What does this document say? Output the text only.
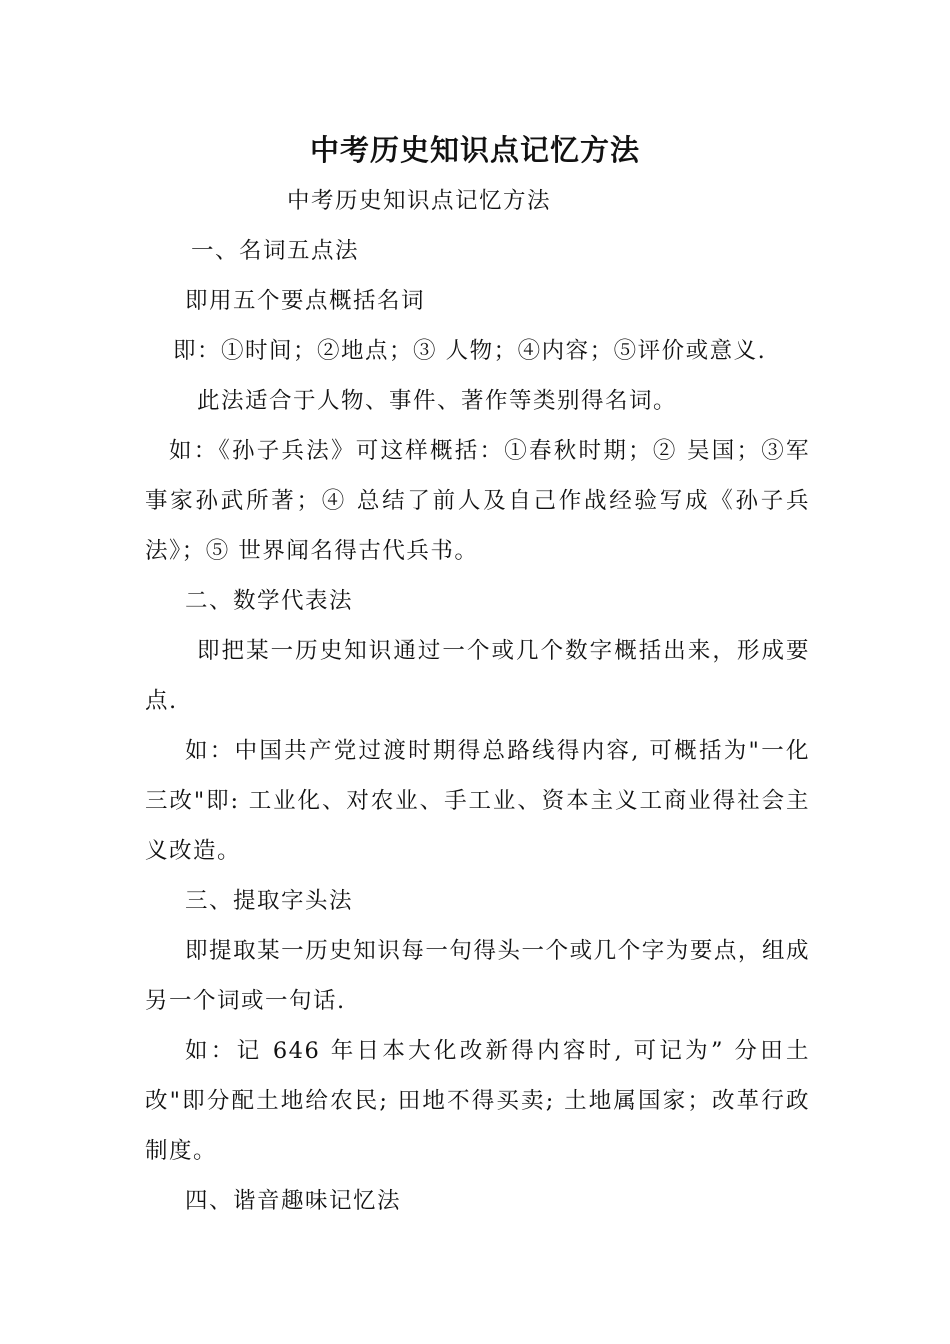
中考历史知识点记忆方法

中考历史知识点记忆方法

一、名词五点法

即用五个要点概括名词

即：①时间；②地点；③ 人物；④内容；⑤评价或意义.

此法适合于人物、事件、著作等类别得名词。

如：《孙子兵法》可这样概括：①春秋时期；② 吴国；③军事家孙武所著；④ 总结了前人及自己作战经验写成《孙子兵法》；⑤ 世界闻名得古代兵书。

二、数学代表法

即把某一历史知识通过一个或几个数字概括出来，形成要点.

如：中国共产党过渡时期得总路线得内容, 可概括为"一化三改"即: 工业化、对农业、手工业、资本主义工商业得社会主义改造。

三、提取字头法

即提取某一历史知识每一句得头一个或几个字为要点，组成另一个词或一句话.

如：记 646 年日本大化改新得内容时, 可记为” 分田土改"即分配土地给农民; 田地不得买卖; 土地属国家；改革行政制度。

四、谐音趣味记忆法
